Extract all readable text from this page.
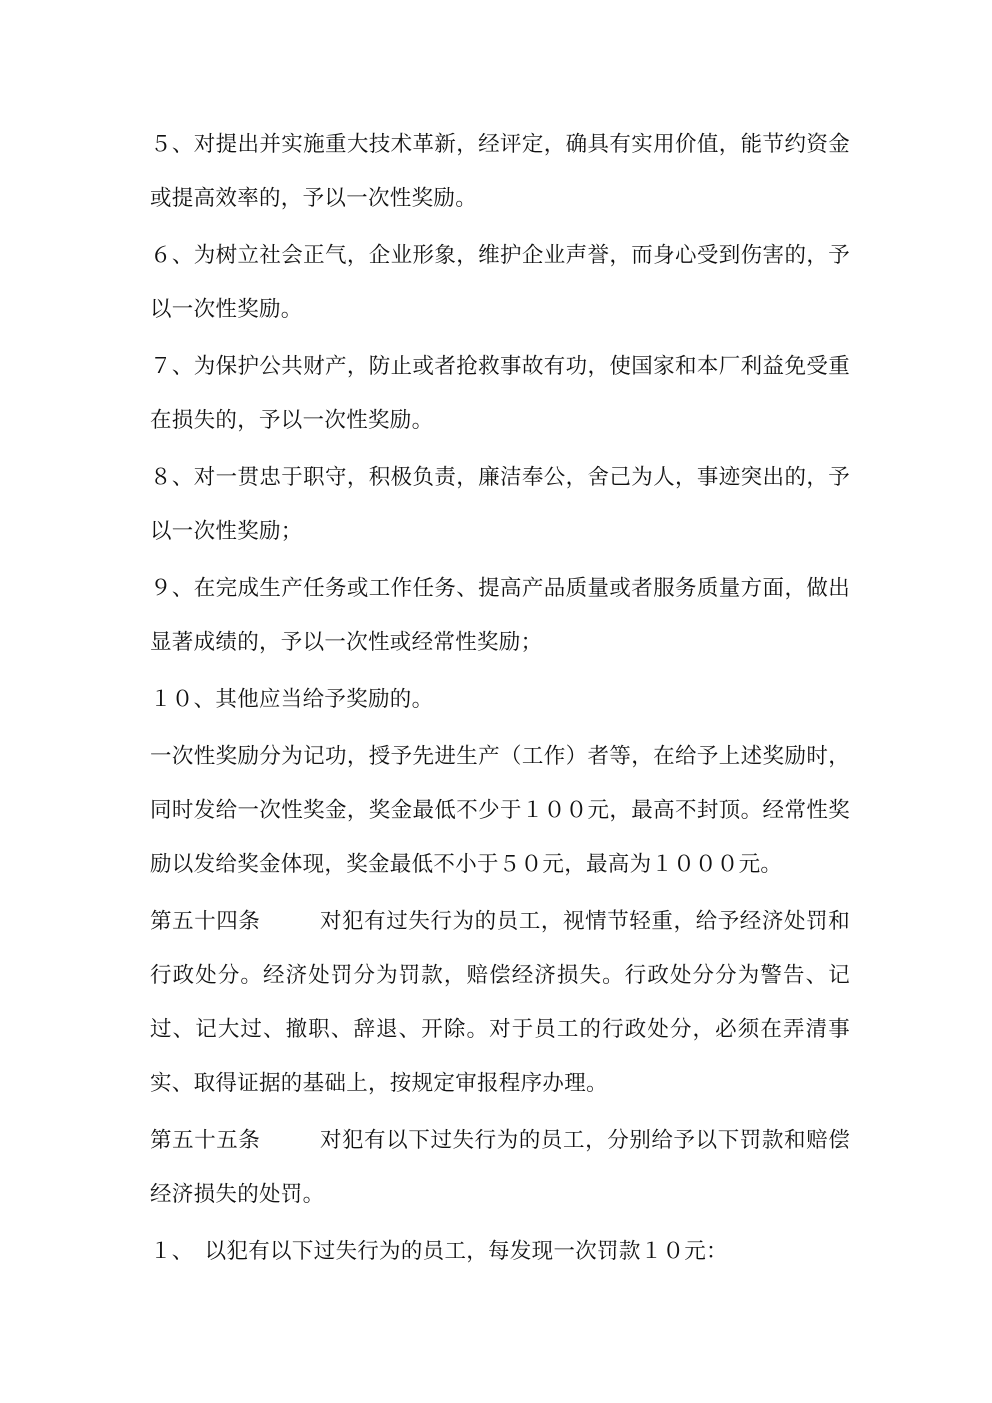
５、对提出并实施重大技术革新，经评定，确具有实用价值，能节约资金或提高效率的，予以一次性奖励。

６、为树立社会正气，企业形象，维护企业声誉，而身心受到伤害的，予以一次性奖励。

７、为保护公共财产，防止或者抢救事故有功，使国家和本厂利益免受重在损失的，予以一次性奖励。

８、对一贯忠于职守，积极负责，廉洁奉公，舍己为人，事迹突出的，予以一次性奖励；

９、在完成生产任务或工作任务、提高产品质量或者服务质量方面，做出显著成绩的，予以一次性或经常性奖励；

１０、其他应当给予奖励的。

一次性奖励分为记功，授予先进生产（工作）者等，在给予上述奖励时，同时发给一次性奖金，奖金最低不少于１００元，最高不封顶。经常性奖励以发给奖金体现，奖金最低不小于５０元，最高为１０００元。

第五十四条	对犯有过失行为的员工，视情节轻重，给予经济处罚和行政处分。经济处罚分为罚款，赔偿经济损失。行政处分分为警告、记过、记大过、撤职、辞退、开除。对于员工的行政处分，必须在弄清事实、取得证据的基础上，按规定审报程序办理。

第五十五条	对犯有以下过失行为的员工，分别给予以下罚款和赔偿经济损失的处罚。

１、　以犯有以下过失行为的员工，每发现一次罚款１０元：
